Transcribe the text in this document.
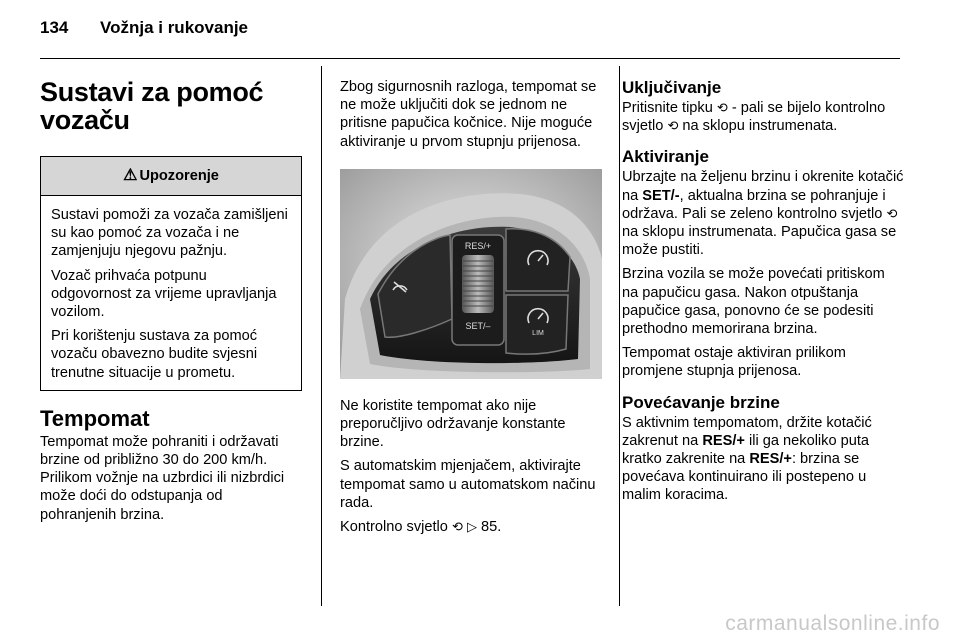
134 Vožnja i rukovanje
Sustavi za pomoć
vozaču
⚠ Upozorenje

Sustavi pomoži za vozača zamišljeni su kao pomoć za vozača i ne zamjenjuju njegovu pažnju.

Vozač prihvaća potpunu odgovornost za vrijeme upravljanja vozilom.

Pri korištenju sustava za pomoć vozaču obavezno budite svjesni trenutne situacije u prometu.

Tempomat

Tempomat može pohraniti i održavati brzine od približno 30 do 200 km/h. Prilikom vožnje na uzbrdici ili nizbrdici može doći do odstupanja od pohranjenih brzina.

Zbog sigurnosnih razloga, tempomat se ne može uključiti dok se jednom ne pritisne papučica kočnice. Nije moguće aktiviranje u prvom stupnju prijenosa.

RES/+
SET/–
LIM

Ne koristite tempomat ako nije preporučljivo održavanje konstante brzine.

S automatskim mjenjačem, aktivirajte tempomat samo u automatskom načinu rada.

Kontrolno svjetlo ⟲ ▷ 85.

Uključivanje

Pritisnite tipku ⟲ - pali se bijelo kontrolno svjetlo ⟲ na sklopu instrumenata.

Aktiviranje

Ubrzajte na željenu brzinu i okrenite kotačić na SET/-, aktualna brzina se pohranjuje i održava. Pali se zeleno kontrolno svjetlo ⟲ na sklopu instrumenata. Papučica gasa se može pustiti.

Brzina vozila se može povećati pritiskom na papučicu gasa. Nakon otpuštanja papučice gasa, ponovno će se podesiti prethodno memorirana brzina.

Tempomat ostaje aktiviran prilikom promjene stupnja prijenosa.

Povećavanje brzine

S aktivnim tempomatom, držite kotačić zakrenut na RES/+ ili ga nekoliko puta kratko zakrenite na RES/+: brzina se povećava kontinuirano ili postepeno u malim koracima.

carmanualsonline.info
